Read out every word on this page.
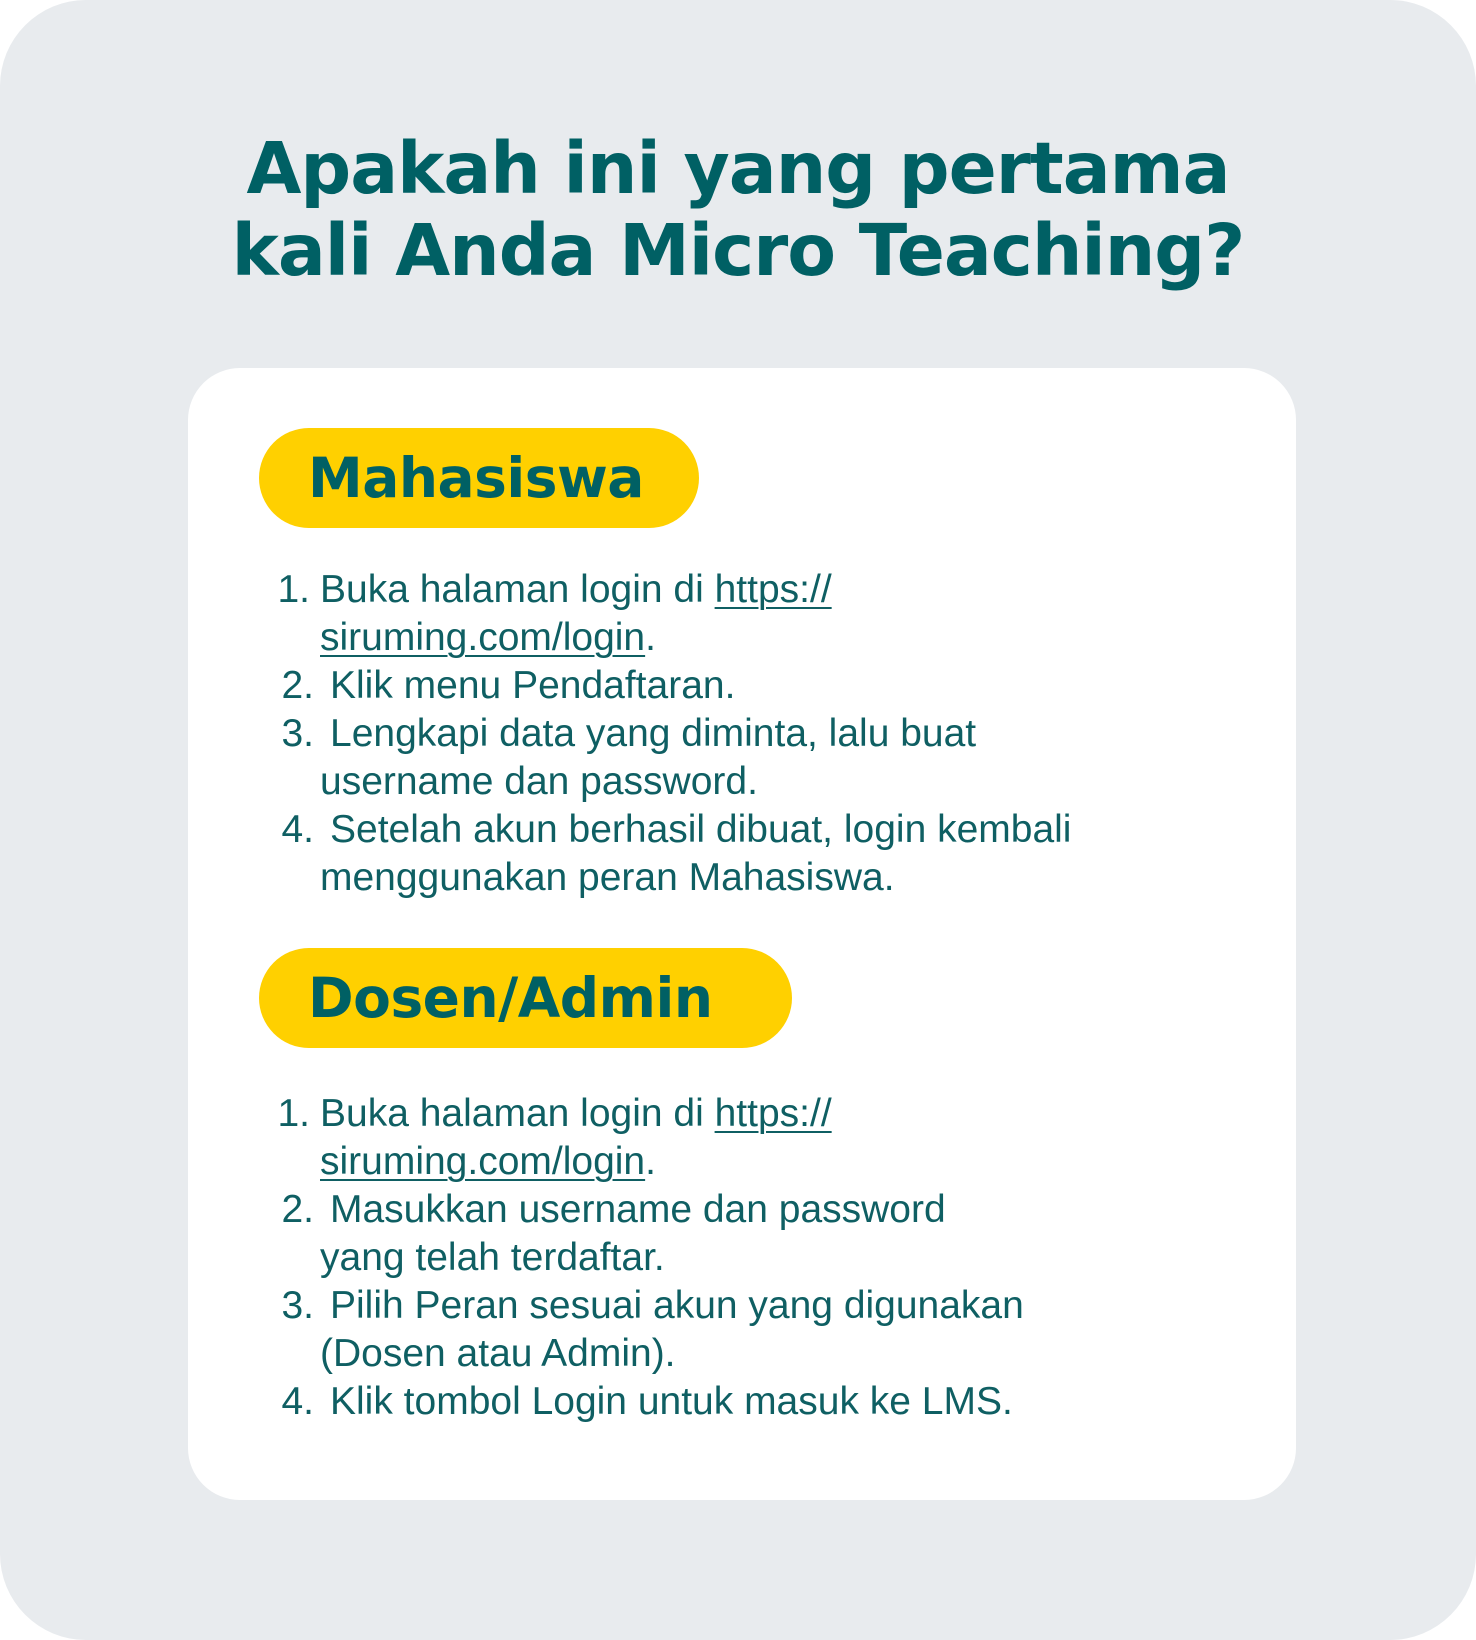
Apakah ini yang pertama
kali Anda Micro Teaching?
Mahasiswa
1. Buka halaman login di https://
siruming.com/login.
2. Klik menu Pendaftaran.
3. Lengkapi data yang diminta, lalu buat
username dan password.
4. Setelah akun berhasil dibuat, login kembali
menggunakan peran Mahasiswa.
Dosen/Admin
1. Buka halaman login di https://
siruming.com/login.
2. Masukkan username dan password
yang telah terdaftar.
3. Pilih Peran sesuai akun yang digunakan
(Dosen atau Admin).
4. Klik tombol Login untuk masuk ke LMS.
